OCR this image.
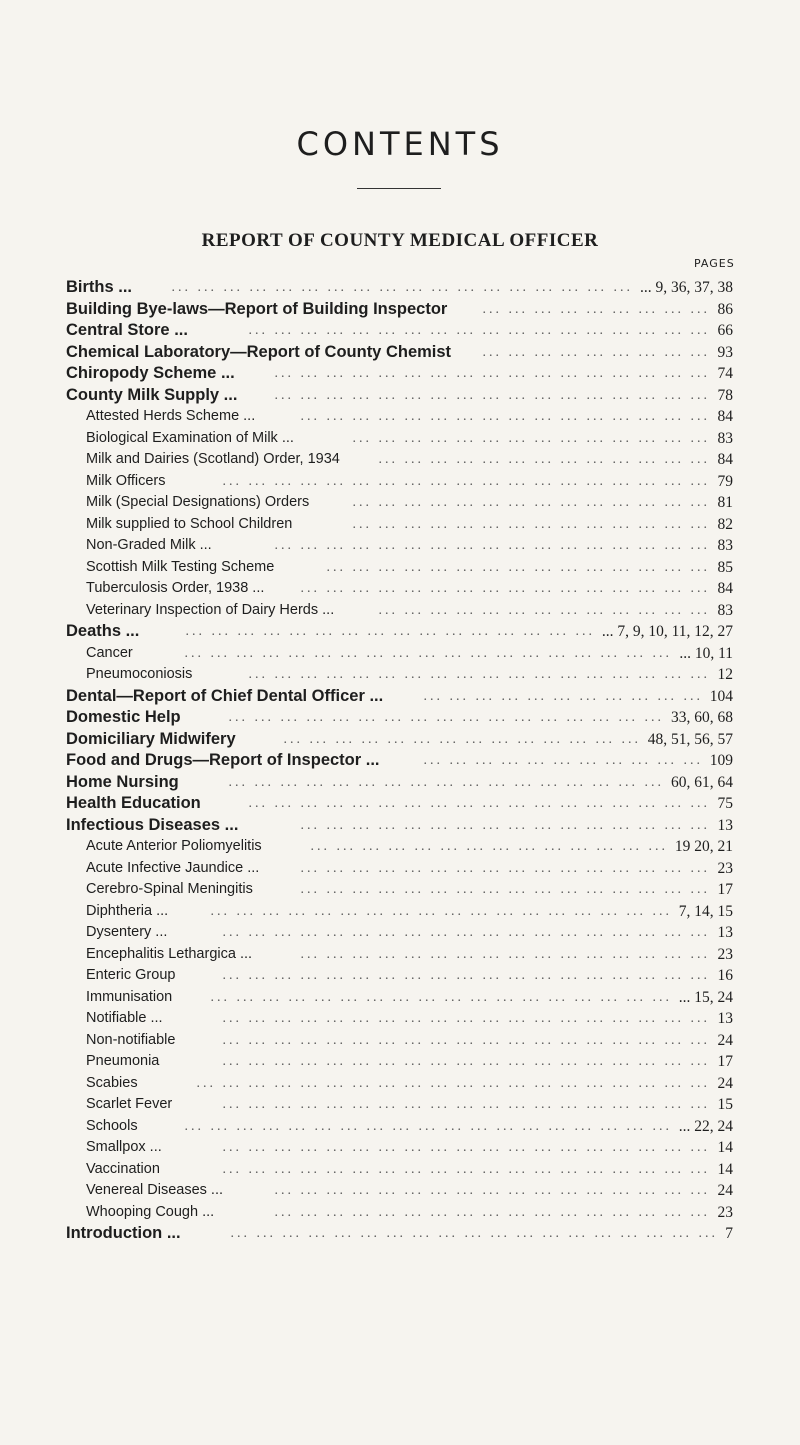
CONTENTS
REPORT OF COUNTY MEDICAL OFFICER
PAGES
Births ...	... ... ... ... ... ... ... ... ... ... ... ... ... ... ... ... ... ... ... 9, 36, 37, 38
Building Bye-laws—Report of Building Inspector	... ... ... ... ... ... ... ... ... 86
Central Store ...	... ... ... ... ... ... ... ... ... ... ... ... ... ... ... ... ... ... 66
Chemical Laboratory—Report of County Chemist	... ... ... ... ... ... ... ... ... 93
Chiropody Scheme ...	... ... ... ... ... ... ... ... ... ... ... ... ... ... ... ... ... 74
County Milk Supply ...	... ... ... ... ... ... ... ... ... ... ... ... ... ... ... ... ... 78
Attested Herds Scheme ...	... ... ... ... ... ... ... ... ... ... ... ... ... ... ... ... 84
Biological Examination of Milk ...	... ... ... ... ... ... ... ... ... ... ... ... ... ... 83
Milk and Dairies (Scotland) Order, 1934	... ... ... ... ... ... ... ... ... ... ... ... ... 84
Milk Officers	... ... ... ... ... ... ... ... ... ... ... ... ... ... ... ... ... ... ... 79
Milk (Special Designations) Orders	... ... ... ... ... ... ... ... ... ... ... ... ... ... 81
Milk supplied to School Children	... ... ... ... ... ... ... ... ... ... ... ... ... ... 82
Non-Graded Milk ...	... ... ... ... ... ... ... ... ... ... ... ... ... ... ... ... ... 83
Scottish Milk Testing Scheme	... ... ... ... ... ... ... ... ... ... ... ... ... ... ... 85
Tuberculosis Order, 1938 ...	... ... ... ... ... ... ... ... ... ... ... ... ... ... ... ... 84
Veterinary Inspection of Dairy Herds ...	... ... ... ... ... ... ... ... ... ... ... ... ... 83
Deaths ...	... ... ... ... ... ... ... ... ... ... ... ... ... ... ... ... ... 7, 9, 10, 11, 12, 27
Cancer	... ... ... ... ... ... ... ... ... ... ... ... ... ... ... ... ... ... ... ... 10, 11
Pneumoconiosis	... ... ... ... ... ... ... ... ... ... ... ... ... ... ... ... ... ... 12
Dental—Report of Chief Dental Officer ...	... ... ... ... ... ... ... ... ... ... ... 104
Domestic Help	... ... ... ... ... ... ... ... ... ... ... ... ... ... ... ... ... 33, 60, 68
Domiciliary Midwifery	... ... ... ... ... ... ... ... ... ... ... ... ... ... 48, 51, 56, 57
Food and Drugs—Report of Inspector ...	... ... ... ... ... ... ... ... ... ... ... 109
Home Nursing	... ... ... ... ... ... ... ... ... ... ... ... ... ... ... ... ... 60, 61, 64
Health Education	... ... ... ... ... ... ... ... ... ... ... ... ... ... ... ... ... ... 75
Infectious Diseases ...	... ... ... ... ... ... ... ... ... ... ... ... ... ... ... ... 13
Acute Anterior Poliomyelitis	... ... ... ... ... ... ... ... ... ... ... ... ... ... 19 20, 21
Acute Infective Jaundice ...	... ... ... ... ... ... ... ... ... ... ... ... ... ... ... ... 23
Cerebro-Spinal Meningitis	... ... ... ... ... ... ... ... ... ... ... ... ... ... ... ... 17
Diphtheria ...	... ... ... ... ... ... ... ... ... ... ... ... ... ... ... ... ... ... 7, 14, 15
Dysentery ...	... ... ... ... ... ... ... ... ... ... ... ... ... ... ... ... ... ... ... 13
Encephalitis Lethargica ...	... ... ... ... ... ... ... ... ... ... ... ... ... ... ... ... 23
Enteric Group	... ... ... ... ... ... ... ... ... ... ... ... ... ... ... ... ... ... ... 16
Immunisation	... ... ... ... ... ... ... ... ... ... ... ... ... ... ... ... ... ... ... 15, 24
Notifiable ...	... ... ... ... ... ... ... ... ... ... ... ... ... ... ... ... ... ... ... 13
Non-notifiable	... ... ... ... ... ... ... ... ... ... ... ... ... ... ... ... ... ... ... 24
Pneumonia	... ... ... ... ... ... ... ... ... ... ... ... ... ... ... ... ... ... ... 17
Scabies	... ... ... ... ... ... ... ... ... ... ... ... ... ... ... ... ... ... ... ... 24
Scarlet Fever	... ... ... ... ... ... ... ... ... ... ... ... ... ... ... ... ... ... ... 15
Schools	... ... ... ... ... ... ... ... ... ... ... ... ... ... ... ... ... ... ... ... 22, 24
Smallpox ...	... ... ... ... ... ... ... ... ... ... ... ... ... ... ... ... ... ... ... 14
Vaccination	... ... ... ... ... ... ... ... ... ... ... ... ... ... ... ... ... ... ... 14
Venereal Diseases ...	... ... ... ... ... ... ... ... ... ... ... ... ... ... ... ... ... 24
Whooping Cough ...	... ... ... ... ... ... ... ... ... ... ... ... ... ... ... ... ... 23
Introduction ...	... ... ... ... ... ... ... ... ... ... ... ... ... ... ... ... ... ... ... 7
